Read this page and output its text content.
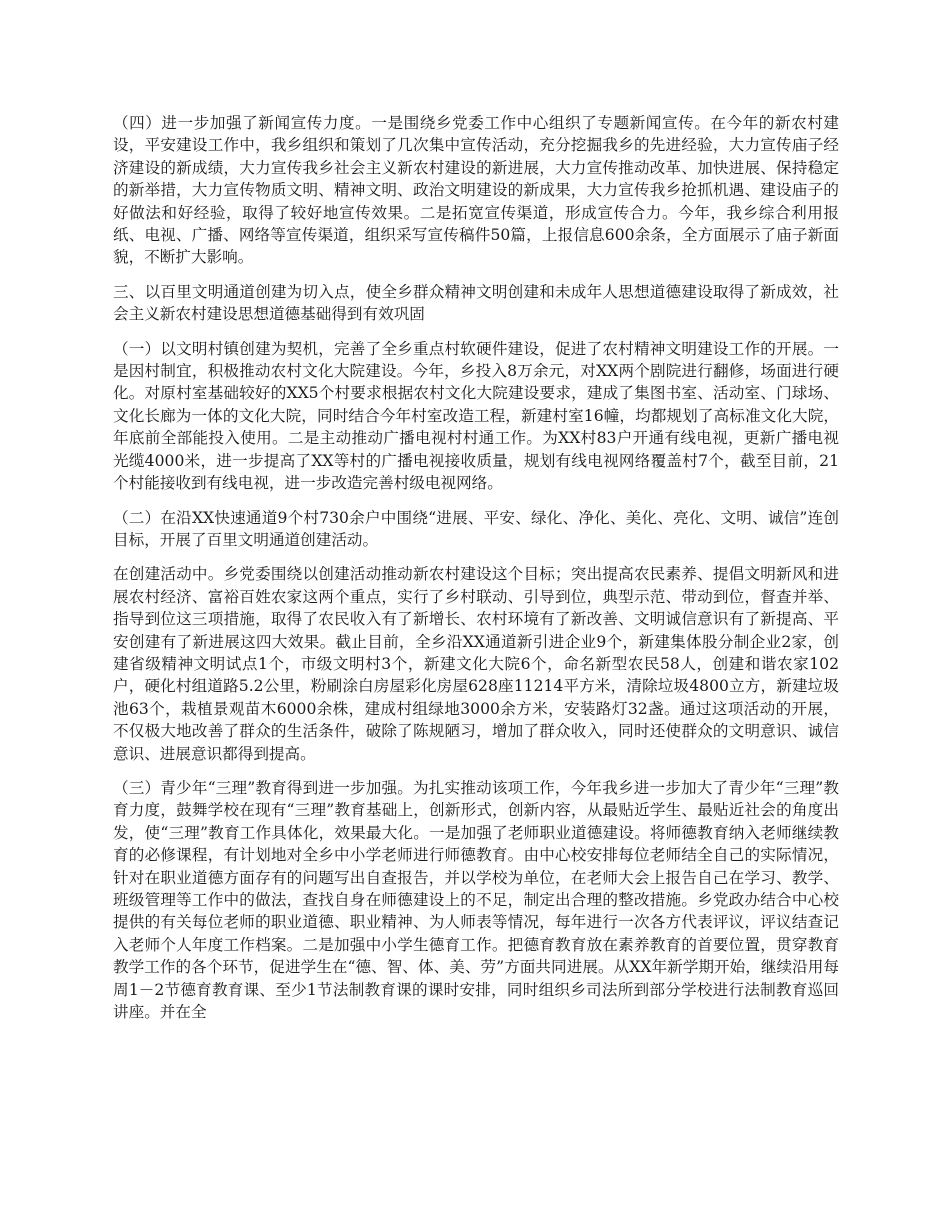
（四）进一步加强了新闻宣传力度。一是围绕乡党委工作中心组织了专题新闻宣传。在今年的新农村建设，平安建设工作中，我乡组织和策划了几次集中宣传活动，充分挖掘我乡的先进经验，大力宣传庙子经济建设的新成绩，大力宣传我乡社会主义新农村建设的新进展，大力宣传推动改革、加快进展、保持稳定的新举措，大力宣传物质文明、精神文明、政治文明建设的新成果，大力宣传我乡抢抓机遇、建设庙子的好做法和好经验，取得了较好地宣传效果。二是拓宽宣传渠道，形成宣传合力。今年，我乡综合利用报纸、电视、广播、网络等宣传渠道，组织采写宣传稿件50篇，上报信息600余条，全方面展示了庙子新面貌，不断扩大影响。

三、以百里文明通道创建为切入点，使全乡群众精神文明创建和未成年人思想道德建设取得了新成效，社会主义新农村建设思想道德基础得到有效巩固

（一）以文明村镇创建为契机，完善了全乡重点村软硬件建设，促进了农村精神文明建设工作的开展。一是因村制宜，积极推动农村文化大院建设。今年，乡投入8万余元，对XX两个剧院进行翻修，场面进行硬化。对原村室基础较好的XX5个村要求根据农村文化大院建设要求，建成了集图书室、活动室、门球场、文化长廊为一体的文化大院，同时结合今年村室改造工程，新建村室16幢，均都规划了高标准文化大院，年底前全部能投入使用。二是主动推动广播电视村村通工作。为XX村83户开通有线电视，更新广播电视光缆4000米，进一步提高了XX等村的广播电视接收质量，规划有线电视网络覆盖村7个，截至目前，21个村能接收到有线电视，进一步改造完善村级电视网络。

（二）在沿XX快速通道9个村730余户中围绕“进展、平安、绿化、净化、美化、亮化、文明、诚信”连创目标，开展了百里文明通道创建活动。

在创建活动中。乡党委围绕以创建活动推动新农村建设这个目标；突出提高农民素养、提倡文明新风和进展农村经济、富裕百姓农家这两个重点，实行了乡村联动、引导到位，典型示范、带动到位，督查并举、指导到位这三项措施，取得了农民收入有了新增长、农村环境有了新改善、文明诚信意识有了新提高、平安创建有了新进展这四大效果。截止目前，全乡沿XX通道新引进企业9个，新建集体股分制企业2家，创建省级精神文明试点1个，市级文明村3个，新建文化大院6个，命名新型农民58人，创建和谐农家102户，硬化村组道路5.2公里，粉刷涂白房屋彩化房屋628座11214平方米，清除垃圾4800立方，新建垃圾池63个，栽植景观苗木6000余株，建成村组绿地3000余方米，安装路灯32盏。通过这项活动的开展，不仅极大地改善了群众的生活条件，破除了陈规陋习，增加了群众收入，同时还使群众的文明意识、诚信意识、进展意识都得到提高。

（三）青少年“三理”教育得到进一步加强。为扎实推动该项工作，今年我乡进一步加大了青少年“三理”教育力度，鼓舞学校在现有“三理”教育基础上，创新形式，创新内容，从最贴近学生、最贴近社会的角度出发，使“三理”教育工作具体化，效果最大化。一是加强了老师职业道德建设。将师德教育纳入老师继续教育的必修课程，有计划地对全乡中小学老师进行师德教育。由中心校安排每位老师结全自己的实际情况，针对在职业道德方面存有的问题写出自查报告，并以学校为单位，在老师大会上报告自己在学习、教学、班级管理等工作中的做法，查找自身在师德建设上的不足，制定出合理的整改措施。乡党政办结合中心校提供的有关每位老师的职业道德、职业精神、为人师表等情况，每年进行一次各方代表评议，评议结查记入老师个人年度工作档案。二是加强中小学生德育工作。把德育教育放在素养教育的首要位置，贯穿教育教学工作的各个环节，促进学生在“德、智、体、美、劳”方面共同进展。从XX年新学期开始，继续沿用每周1－2节德育教育课、至少1节法制教育课的课时安排，同时组织乡司法所到部分学校进行法制教育巡回讲座。并在全
